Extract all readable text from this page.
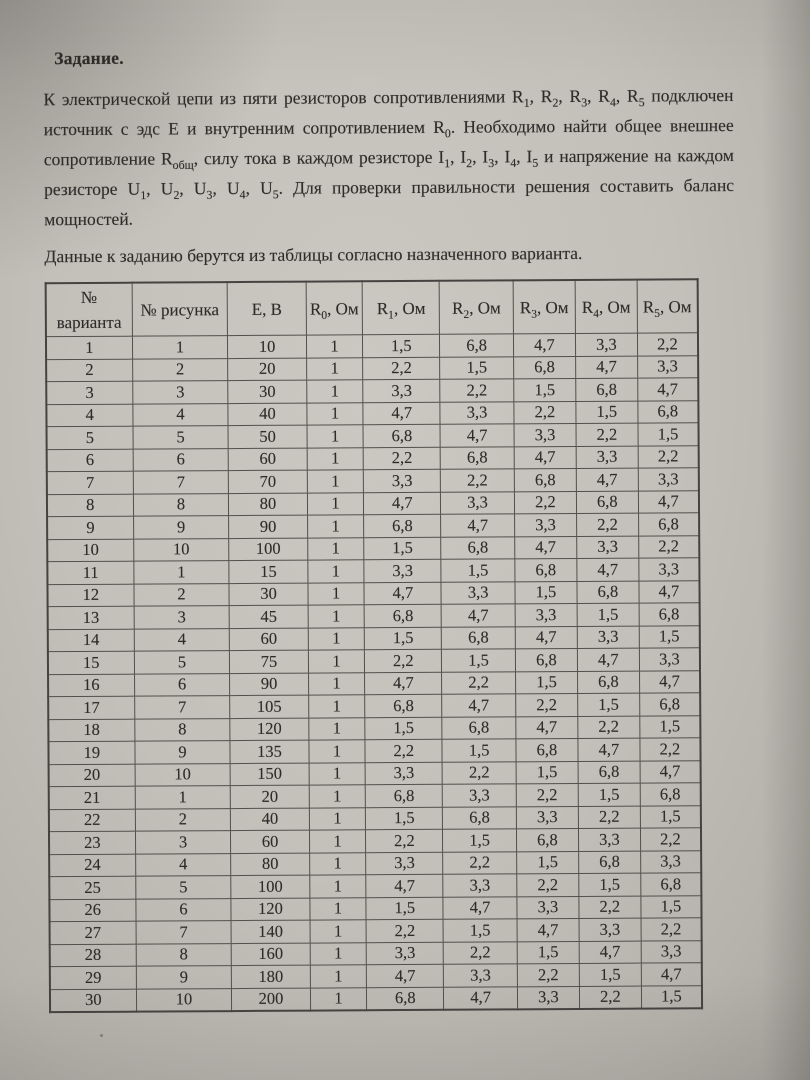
Задание.

К электрической цепи из пяти резисторов сопротивлениями $R_1$, $R_2$, $R_3$, $R_4$, $R_5$ подключен источник с эдс E и внутренним сопротивлением $R_0$. Необходимо найти общее внешнее сопротивление $R_{общ}$, силу тока в каждом резисторе $I_1$, $I_2$, $I_3$, $I_4$, $I_5$ и напряжение на каждом резисторе $U_1$, $U_2$, $U_3$, $U_4$, $U_5$. Для проверки правильности решения составить баланс мощностей.

Данные к заданию берутся из таблицы согласно назначенного варианта.

№ варианта	№ рисунка	E, В	$R_0$, Ом	$R_1$, Ом	$R_2$, Ом	$R_3$, Ом	$R_4$, Ом	$R_5$, Ом
1	1	10	1	1,5	6,8	4,7	3,3	2,2
2	2	20	1	2,2	1,5	6,8	4,7	3,3
3	3	30	1	3,3	2,2	1,5	6,8	4,7
4	4	40	1	4,7	3,3	2,2	1,5	6,8
5	5	50	1	6,8	4,7	3,3	2,2	1,5
6	6	60	1	2,2	6,8	4,7	3,3	2,2
7	7	70	1	3,3	2,2	6,8	4,7	3,3
8	8	80	1	4,7	3,3	2,2	6,8	4,7
9	9	90	1	6,8	4,7	3,3	2,2	6,8
10	10	100	1	1,5	6,8	4,7	3,3	2,2
11	1	15	1	3,3	1,5	6,8	4,7	3,3
12	2	30	1	4,7	3,3	1,5	6,8	4,7
13	3	45	1	6,8	4,7	3,3	1,5	6,8
14	4	60	1	1,5	6,8	4,7	3,3	1,5
15	5	75	1	2,2	1,5	6,8	4,7	3,3
16	6	90	1	4,7	2,2	1,5	6,8	4,7
17	7	105	1	6,8	4,7	2,2	1,5	6,8
18	8	120	1	1,5	6,8	4,7	2,2	1,5
19	9	135	1	2,2	1,5	6,8	4,7	2,2
20	10	150	1	3,3	2,2	1,5	6,8	4,7
21	1	20	1	6,8	3,3	2,2	1,5	6,8
22	2	40	1	1,5	6,8	3,3	2,2	1,5
23	3	60	1	2,2	1,5	6,8	3,3	2,2
24	4	80	1	3,3	2,2	1,5	6,8	3,3
25	5	100	1	4,7	3,3	2,2	1,5	6,8
26	6	120	1	1,5	4,7	3,3	2,2	1,5
27	7	140	1	2,2	1,5	4,7	3,3	2,2
28	8	160	1	3,3	2,2	1,5	4,7	3,3
29	9	180	1	4,7	3,3	2,2	1,5	4,7
30	10	200	1	6,8	4,7	3,3	2,2	1,5
